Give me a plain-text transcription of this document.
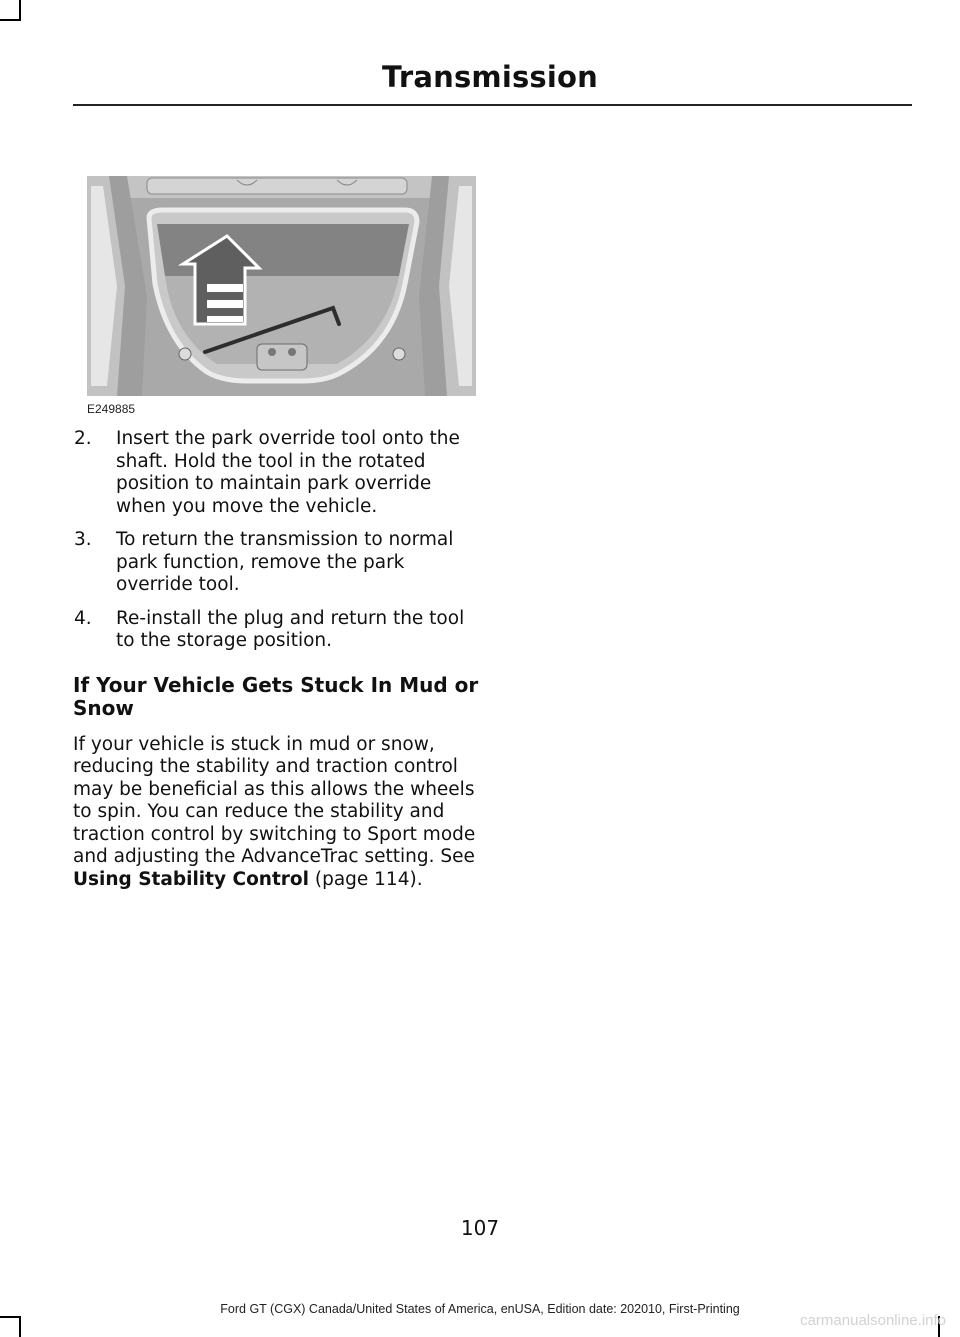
Transmission
E249885
2. Insert the park override tool onto the shaft. Hold the tool in the rotated position to maintain park override when you move the vehicle.
3. To return the transmission to normal park function, remove the park override tool.
4. Re-install the plug and return the tool to the storage position.
If Your Vehicle Gets Stuck In Mud or Snow

If your vehicle is stuck in mud or snow, reducing the stability and traction control may be beneficial as this allows the wheels to spin. You can reduce the stability and traction control by switching to Sport mode and adjusting the AdvanceTrac setting. See Using Stability Control (page 114).

107
Ford GT (CGX) Canada/United States of America, enUSA, Edition date: 202010, First-Printing
carmanualsonline.info
